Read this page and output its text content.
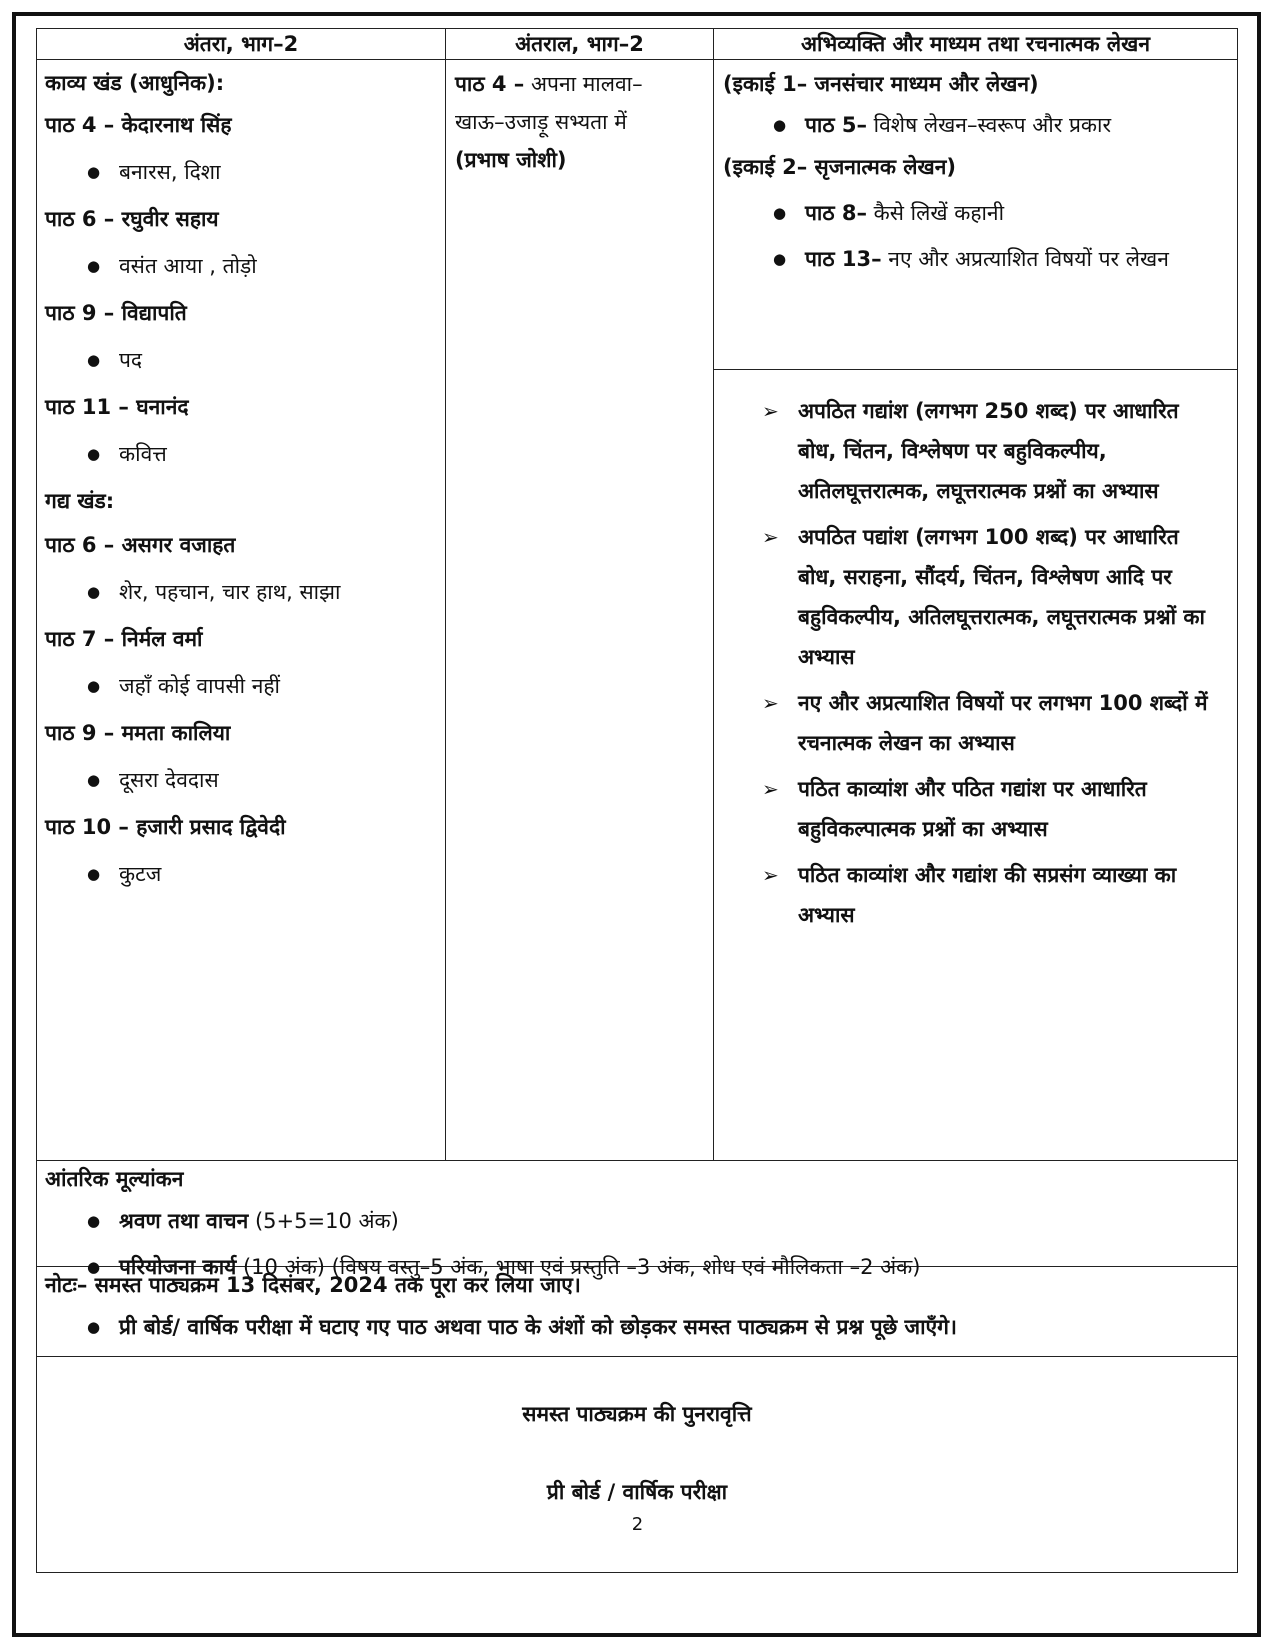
अंतरा, भाग–2	अंतराल, भाग–2	अभिव्यक्ति और माध्यम तथा रचनात्मक लेखन
काव्य खंड (आधुनिक):
पाठ 4 – केदारनाथ सिंह
● बनारस, दिशा
पाठ 6 – रघुवीर सहाय
● वसंत आया , तोड़ो
पाठ 9 – विद्यापति
● पद
पाठ 11 – घनानंद
● कवित्त
गद्य खंड:
पाठ 6 – असगर वजाहत
● शेर, पहचान, चार हाथ, साझा
पाठ 7 – निर्मल वर्मा
● जहाँ कोई वापसी नहीं
पाठ 9 – ममता कालिया
● दूसरा देवदास
पाठ 10 – हजारी प्रसाद द्विवेदी
● कुटज
पाठ 4 – अपना मालवा–
खाऊ–उजाड़ू सभ्यता में
(प्रभाष जोशी)
(इकाई 1– जनसंचार माध्यम और लेखन)
● पाठ 5– विशेष लेखन–स्वरूप और प्रकार
(इकाई 2– सृजनात्मक लेखन)
● पाठ 8– कैसे लिखें कहानी
● पाठ 13– नए और अप्रत्याशित विषयों पर लेखन
➢ अपठित गद्यांश (लगभग 250 शब्द) पर आधारित बोध, चिंतन, विश्लेषण पर बहुविकल्पीय, अतिलघूत्तरात्मक, लघूत्तरात्मक प्रश्नों का अभ्यास
➢ अपठित पद्यांश (लगभग 100 शब्द) पर आधारित बोध, सराहना, सौंदर्य, चिंतन, विश्लेषण आदि पर बहुविकल्पीय, अतिलघूत्तरात्मक, लघूत्तरात्मक प्रश्नों का अभ्यास
➢ नए और अप्रत्याशित विषयों पर लगभग 100 शब्दों में रचनात्मक लेखन का अभ्यास
➢ पठित काव्यांश और पठित गद्यांश पर आधारित बहुविकल्पात्मक प्रश्नों का अभ्यास
➢ पठित काव्यांश और गद्यांश की सप्रसंग व्याख्या का अभ्यास
आंतरिक मूल्यांकन
● श्रवण तथा वाचन (5+5=10 अंक)
● परियोजना कार्य (10 अंक) (विषय वस्तु–5 अंक, भाषा एवं प्रस्तुति –3 अंक, शोध एवं मौलिकता –2 अंक)
नोटः– समस्त पाठ्यक्रम 13 दिसंबर, 2024 तक पूरा कर लिया जाए।
● प्री बोर्ड/ वार्षिक परीक्षा में घटाए गए पाठ अथवा पाठ के अंशों को छोड़कर समस्त पाठ्यक्रम से प्रश्न पूछे जाएँगे।
समस्त पाठ्यक्रम की पुनरावृत्ति
प्री बोर्ड / वार्षिक परीक्षा
2
